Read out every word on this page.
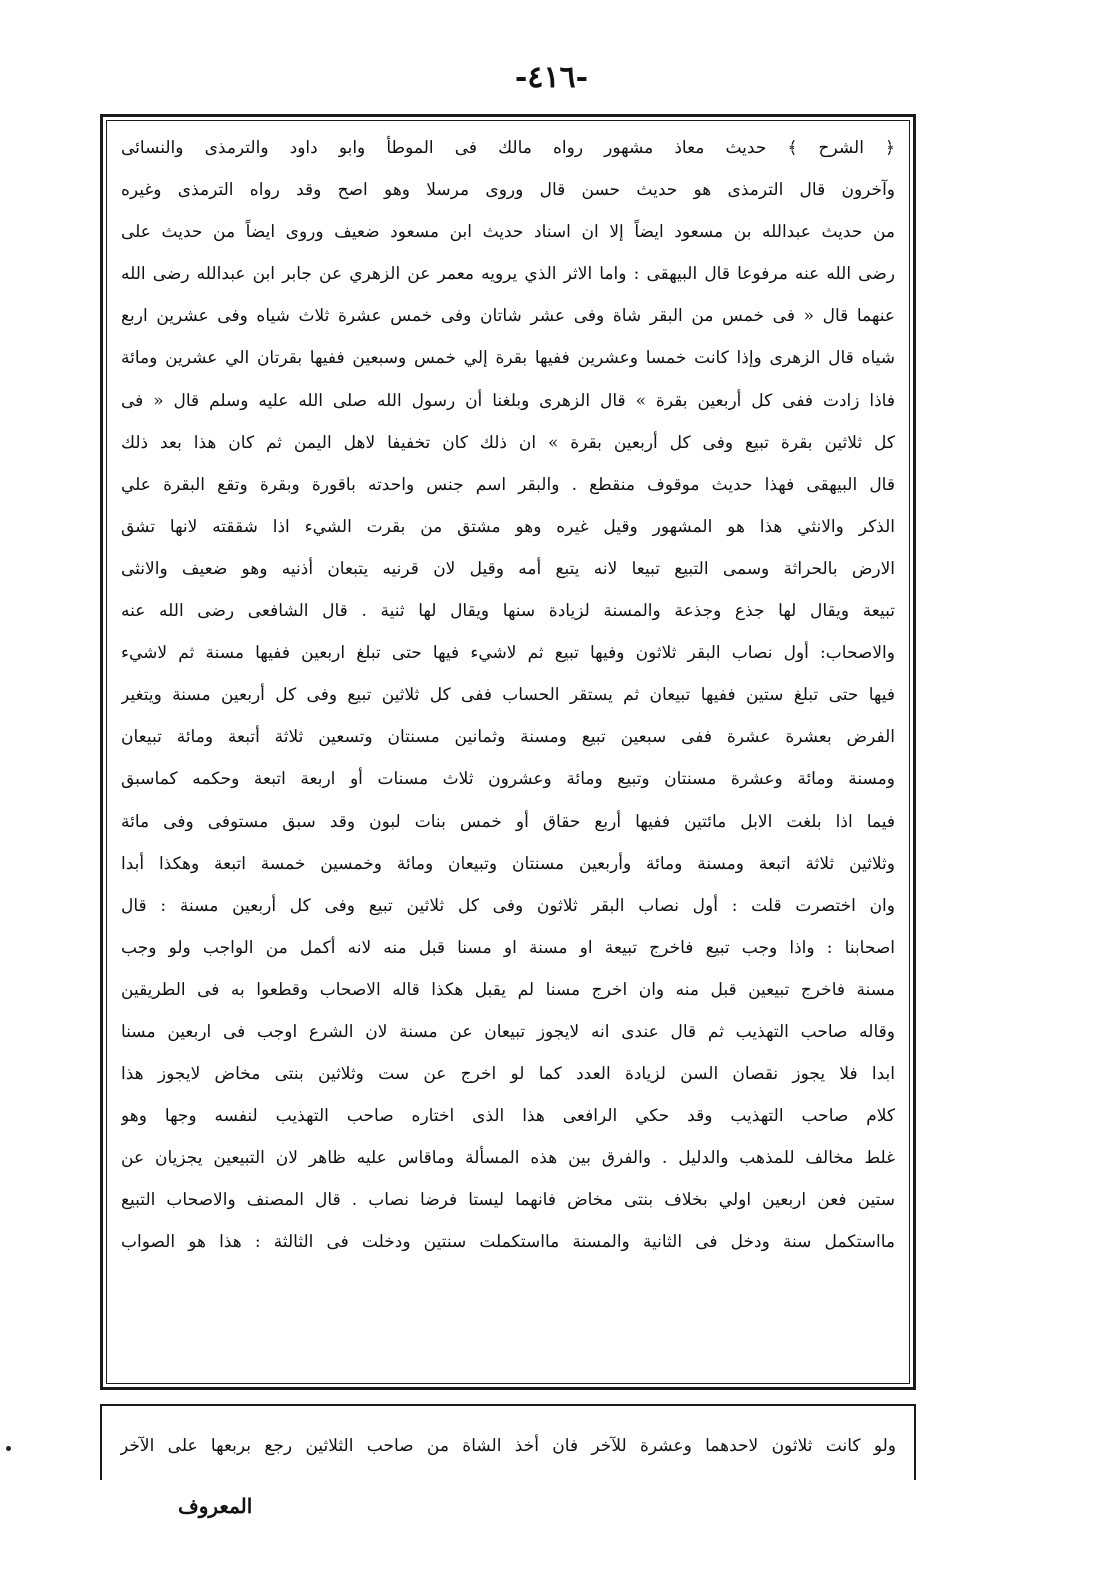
-٤١٦-
﴿ الشرح ﴾ حديث معاذ مشهور رواه مالك فى الموطأ وابو داود والترمذى والنسائى
وآخرون قال الترمذى هو حديث حسن قال وروى مرسلا وهو اصح وقد رواه الترمذى وغيره
من حديث عبدالله بن مسعود ايضاً إلا ان اسناد حديث ابن مسعود ضعيف وروى ايضاً من حديث على
رضى الله عنه مرفوعا قال البيهقى : واما الاثر الذي يرويه معمر عن الزهري عن جابر ابن عبدالله رضى الله
عنهما قال « فى خمس من البقر شاة وفى عشر شاتان وفى خمس عشرة ثلاث شياه وفى عشرين اربع
شياه قال الزهرى وإذا كانت خمسا وعشرين ففيها بقرة إلي خمس وسبعين ففيها بقرتان الي عشرين ومائة
فاذا زادت ففى كل أربعين بقرة » قال الزهرى وبلغنا أن رسول الله صلى الله عليه وسلم قال « فى
كل ثلاثين بقرة تبيع وفى كل أربعين بقرة » ان ذلك كان تخفيفا لاهل اليمن ثم كان هذا بعد ذلك
قال البيهقى فهذا حديث موقوف منقطع . والبقر اسم جنس واحدته باقورة وبقرة وتقع البقرة علي
الذكر والانثي هذا هو المشهور وقيل غيره وهو مشتق من بقرت الشيء اذا شققته لانها تشق
الارض بالحراثة وسمى التبيع تبيعا لانه يتبع أمه وقيل لان قرنيه يتبعان أذنيه وهو ضعيف والانثى
تبيعة ويقال لها جذع وجذعة والمسنة لزيادة سنها ويقال لها ثنية . قال الشافعى رضى الله عنه
والاصحاب: أول نصاب البقر ثلاثون وفيها تبيع ثم لاشيء فيها حتى تبلغ اربعين ففيها مسنة ثم لاشيء
فيها حتى تبلغ ستين ففيها تبيعان ثم يستقر الحساب ففى كل ثلاثين تبيع وفى كل أربعين مسنة ويتغير
الفرض بعشرة عشرة ففى سبعين تبيع ومسنة وثمانين مسنتان وتسعين ثلاثة أتبعة ومائة تبيعان
ومسنة ومائة وعشرة مسنتان وتبيع ومائة وعشرون ثلاث مسنات أو اربعة اتبعة وحكمه كماسبق
فيما اذا بلغت الابل مائتين ففيها أربع حقاق أو خمس بنات لبون وقد سبق مستوفى وفى مائة
وثلاثين ثلاثة اتبعة ومسنة ومائة وأربعين مسنتان وتبيعان ومائة وخمسين خمسة اتبعة وهكذا أبدا
وان اختصرت قلت : أول نصاب البقر ثلاثون وفى كل ثلاثين تبيع وفى كل أربعين مسنة : قال
اصحابنا : واذا وجب تبيع فاخرج تبيعة او مسنة او مسنا قبل منه لانه أكمل من الواجب ولو وجب
مسنة فاخرج تبيعين قبل منه وان اخرج مسنا لم يقبل هكذا قاله الاصحاب وقطعوا به فى الطريقين
وقاله صاحب التهذيب ثم قال عندى انه لايجوز تبيعان عن مسنة لان الشرع اوجب فى اربعين مسنا
ابدا فلا يجوز نقصان السن لزيادة العدد كما لو اخرج عن ست وثلاثين بنتى مخاض لايجوز هذا
كلام صاحب التهذيب وقد حكي الرافعى هذا الذى اختاره صاحب التهذيب لنفسه وجها وهو
غلط مخالف للمذهب والدليل . والفرق بين هذه المسألة وماقاس عليه ظاهر لان التبيعين يجزيان عن
ستين فعن اربعين اولي بخلاف بنتى مخاض فانهما ليستا فرضا نصاب . قال المصنف والاصحاب التبيع
مااستكمل سنة ودخل فى الثانية والمسنة مااستكملت سنتين ودخلت فى الثالثة : هذا هو الصواب
ولو كانت ثلاثون لاحدهما وعشرة للآخر فان أخذ الشاة من صاحب الثلاثين رجع بربعها على الآخر
المعروف
